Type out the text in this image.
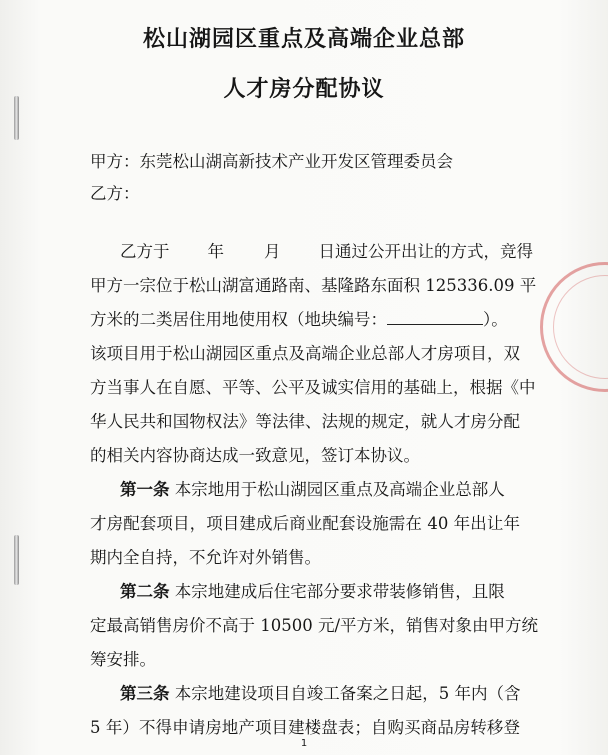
松山湖园区重点及高端企业总部
人才房分配协议
甲方：东莞松山湖高新技术产业开发区管理委员会
乙方：
乙方于 年 月 日通过公开出让的方式，竞得
甲方一宗位于松山湖富通路南、基隆路东面积 125336.09 平
方米的二类居住用地使用权（地块编号：	）。
该项目用于松山湖园区重点及高端企业总部人才房项目，双
方当事人在自愿、平等、公平及诚实信用的基础上，根据《中
华人民共和国物权法》等法律、法规的规定，就人才房分配
的相关内容协商达成一致意见，签订本协议。
第一条 本宗地用于松山湖园区重点及高端企业总部人
才房配套项目，项目建成后商业配套设施需在 40 年出让年
期内全自持，不允许对外销售。
第二条 本宗地建成后住宅部分要求带装修销售，且限
定最高销售房价不高于 10500 元/平方米，销售对象由甲方统
筹安排。
第三条 本宗地建设项目自竣工备案之日起，5 年内（含
5 年）不得申请房地产项目建楼盘表；自购买商品房转移登
1
